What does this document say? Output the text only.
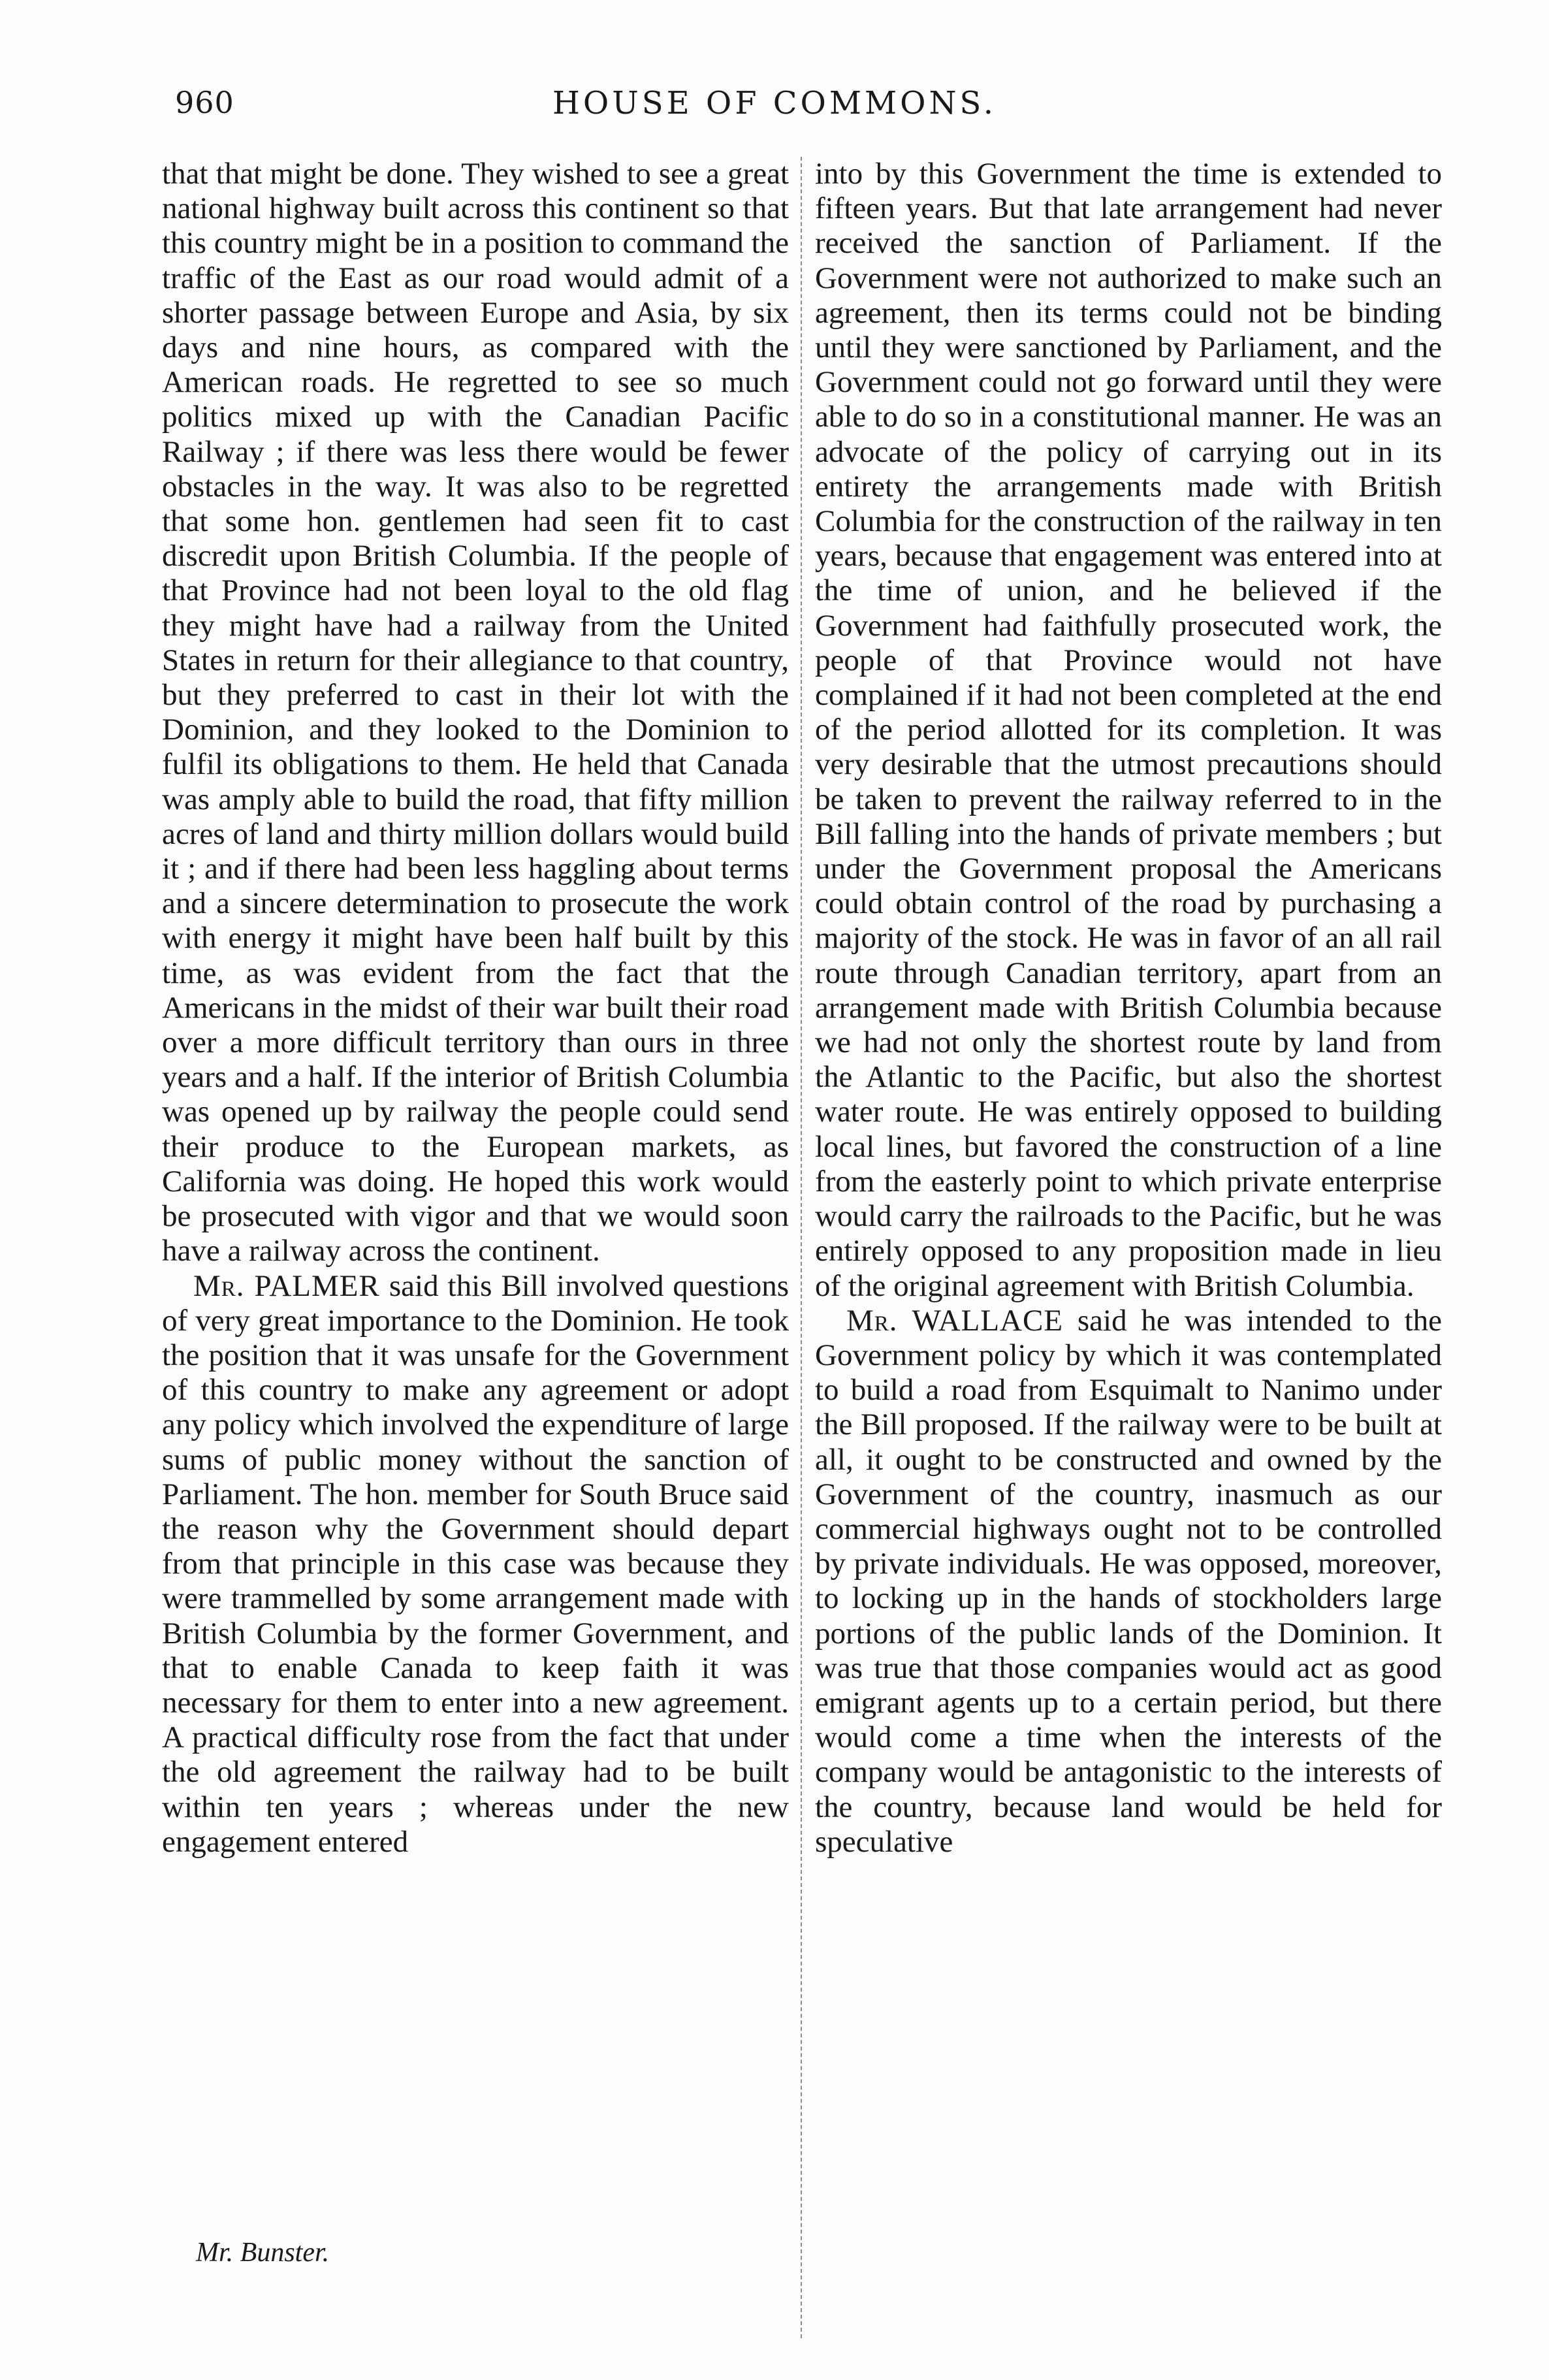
960	HOUSE OF COMMONS.

that that might be done. They wished to see a great national highway built across this continent so that this country might be in a position to command the traffic of the East as our road would admit of a shorter passage between Europe and Asia, by six days and nine hours, as compared with the American roads. He regretted to see so much politics mixed up with the Canadian Pacific Railway ; if there was less there would be fewer obstacles in the way. It was also to be regretted that some hon. gentlemen had seen fit to cast discredit upon British Columbia. If the people of that Province had not been loyal to the old flag they might have had a railway from the United States in return for their allegiance to that country, but they preferred to cast in their lot with the Dominion, and they looked to the Dominion to fulfil its obligations to them. He held that Canada was amply able to build the road, that fifty million acres of land and thirty million dollars would build it ; and if there had been less haggling about terms and a sincere determination to prosecute the work with energy it might have been half built by this time, as was evident from the fact that the Americans in the midst of their war built their road over a more difficult territory than ours in three years and a half. If the interior of British Columbia was opened up by railway the people could send their produce to the European markets, as California was doing. He hoped this work would be prosecuted with vigor and that we would soon have a railway across the continent.

Mr. PALMER said this Bill involved questions of very great importance to the Dominion. He took the position that it was unsafe for the Government of this country to make any agreement or adopt any policy which involved the expenditure of large sums of public money without the sanction of Parliament. The hon. member for South Bruce said the reason why the Government should depart from that principle in this case was because they were trammelled by some arrangement made with British Columbia by the former Government, and that to enable Canada to keep faith it was necessary for them to enter into a new agreement. A practical difficulty rose from the fact that under the old agreement the railway had to be built within ten years ; whereas under the new engagement entered

into by this Government the time is extended to fifteen years. But that late arrangement had never received the sanction of Parliament. If the Government were not authorized to make such an agreement, then its terms could not be binding until they were sanctioned by Parliament, and the Government could not go forward until they were able to do so in a constitutional manner. He was an advocate of the policy of carrying out in its entirety the arrangements made with British Columbia for the construction of the railway in ten years, because that engagement was entered into at the time of union, and he believed if the Government had faithfully prosecuted work, the people of that Province would not have complained if it had not been completed at the end of the period allotted for its completion. It was very desirable that the utmost precautions should be taken to prevent the railway referred to in the Bill falling into the hands of private members ; but under the Government proposal the Americans could obtain control of the road by purchasing a majority of the stock. He was in favor of an all rail route through Canadian territory, apart from an arrangement made with British Columbia because we had not only the shortest route by land from the Atlantic to the Pacific, but also the shortest water route. He was entirely opposed to building local lines, but favored the construction of a line from the easterly point to which private enterprise would carry the railroads to the Pacific, but he was entirely opposed to any proposition made in lieu of the original agreement with British Columbia.

Mr. WALLACE said he was intended to the Government policy by which it was contemplated to build a road from Esquimalt to Nanimo under the Bill proposed. If the railway were to be built at all, it ought to be constructed and owned by the Government of the country, inasmuch as our commercial highways ought not to be controlled by private individuals. He was opposed, moreover, to locking up in the hands of stockholders large portions of the public lands of the Dominion. It was true that those companies would act as good emigrant agents up to a certain period, but there would come a time when the interests of the company would be antagonistic to the interests of the country, because land would be held for speculative

Mr. Bunster.
